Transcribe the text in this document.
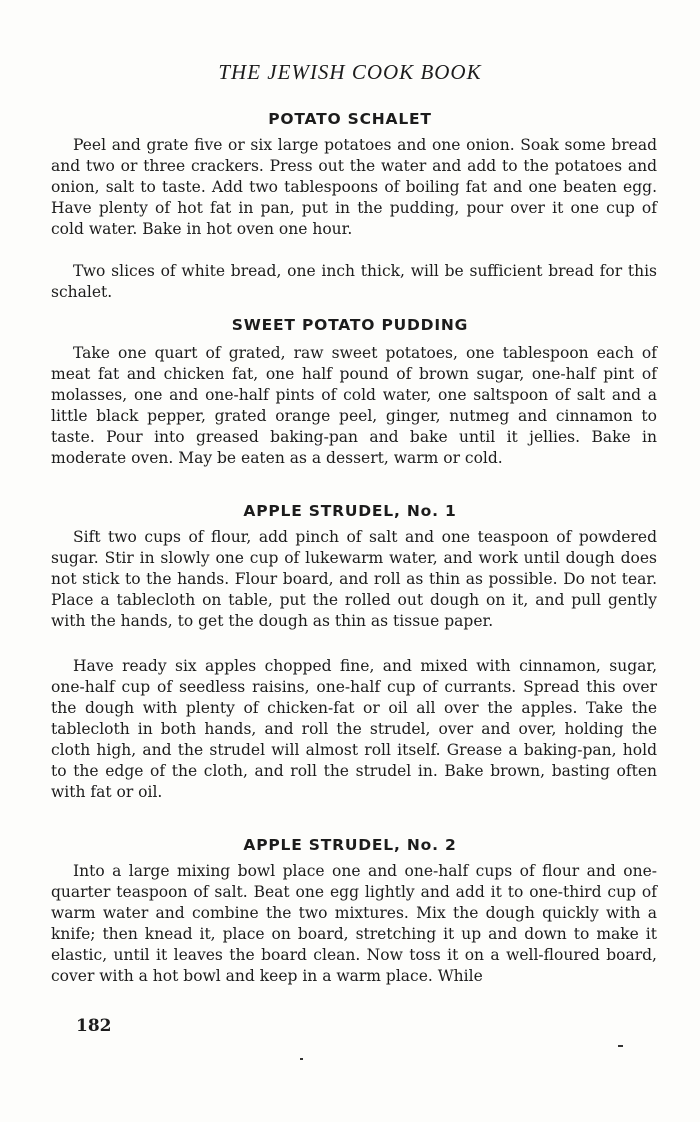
THE JEWISH COOK BOOK
POTATO SCHALET

Peel and grate five or six large potatoes and one onion. Soak some bread and two or three crackers. Press out the water and add to the potatoes and onion, salt to taste. Add two tablespoons of boiling fat and one beaten egg. Have plenty of hot fat in pan, put in the pudding, pour over it one cup of cold water. Bake in hot oven one hour.

Two slices of white bread, one inch thick, will be sufficient bread for this schalet.

SWEET POTATO PUDDING

Take one quart of grated, raw sweet potatoes, one tablespoon each of meat fat and chicken fat, one half pound of brown sugar, one-half pint of molasses, one and one-half pints of cold water, one saltspoon of salt and a little black pepper, grated orange peel, ginger, nutmeg and cinnamon to taste. Pour into greased baking-pan and bake until it jellies. Bake in moderate oven. May be eaten as a dessert, warm or cold.

APPLE STRUDEL, No. 1

Sift two cups of flour, add pinch of salt and one teaspoon of powdered sugar. Stir in slowly one cup of lukewarm water, and work until dough does not stick to the hands. Flour board, and roll as thin as possible. Do not tear. Place a tablecloth on table, put the rolled out dough on it, and pull gently with the hands, to get the dough as thin as tissue paper.

Have ready six apples chopped fine, and mixed with cinnamon, sugar, one-half cup of seedless raisins, one-half cup of currants. Spread this over the dough with plenty of chicken-fat or oil all over the apples. Take the tablecloth in both hands, and roll the strudel, over and over, holding the cloth high, and the strudel will almost roll itself. Grease a baking-pan, hold to the edge of the cloth, and roll the strudel in. Bake brown, basting often with fat or oil.

APPLE STRUDEL, No. 2

Into a large mixing bowl place one and one-half cups of flour and one-quarter teaspoon of salt. Beat one egg lightly and add it to one-third cup of warm water and combine the two mixtures. Mix the dough quickly with a knife; then knead it, place on board, stretching it up and down to make it elastic, until it leaves the board clean. Now toss it on a well-floured board, cover with a hot bowl and keep in a warm place. While

182
